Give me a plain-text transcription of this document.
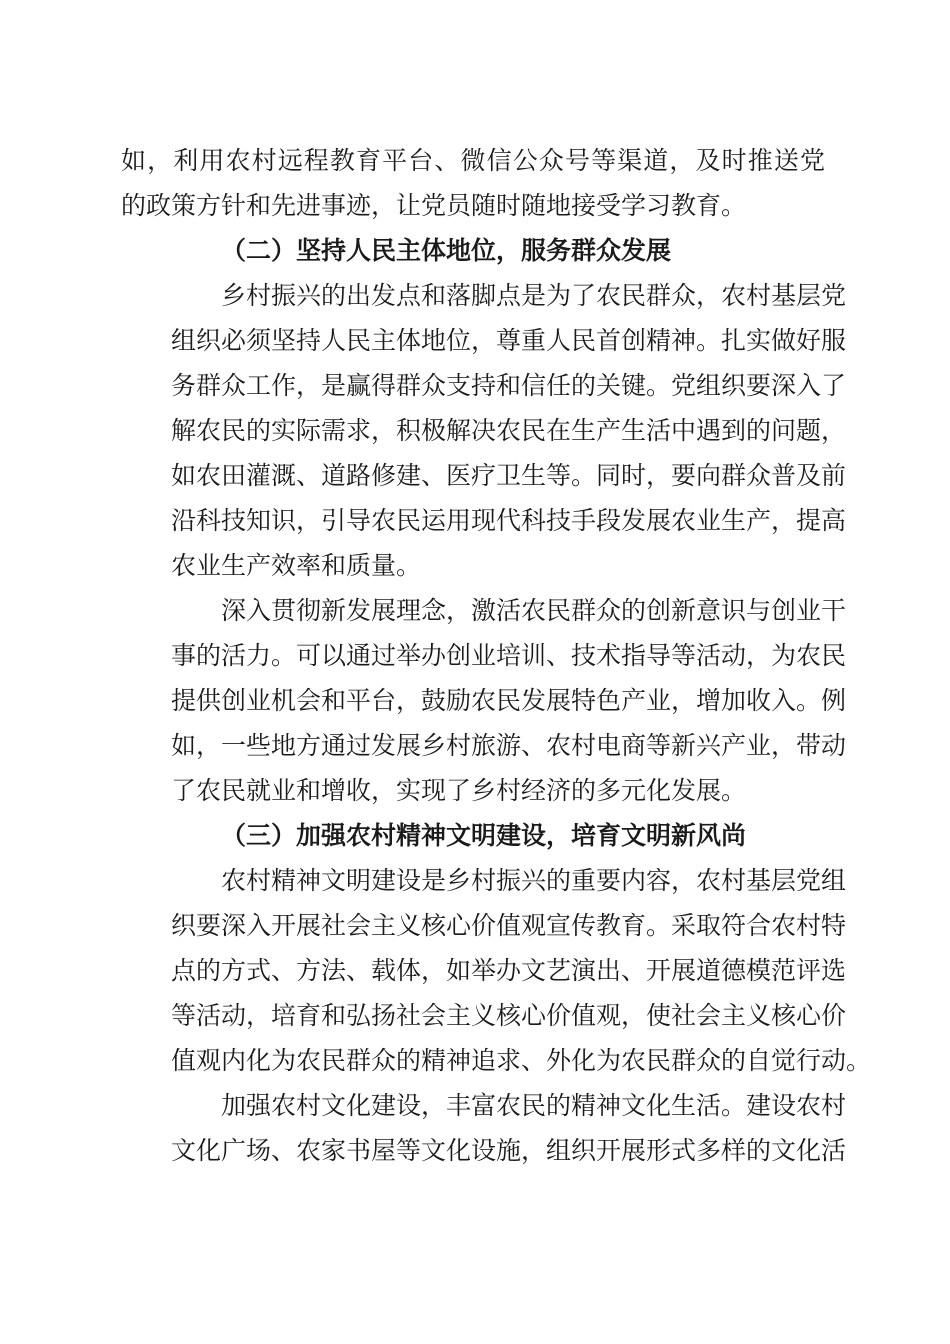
如，利用农村远程教育平台、微信公众号等渠道，及时推送党
的政策方针和先进事迹，让党员随时随地接受学习教育。
（二）坚持人民主体地位，服务群众发展
乡村振兴的出发点和落脚点是为了农民群众，农村基层党
组织必须坚持人民主体地位，尊重人民首创精神。扎实做好服
务群众工作，是赢得群众支持和信任的关键。党组织要深入了
解农民的实际需求，积极解决农民在生产生活中遇到的问题，
如农田灌溉、道路修建、医疗卫生等。同时，要向群众普及前
沿科技知识，引导农民运用现代科技手段发展农业生产，提高
农业生产效率和质量。
深入贯彻新发展理念，激活农民群众的创新意识与创业干
事的活力。可以通过举办创业培训、技术指导等活动，为农民
提供创业机会和平台，鼓励农民发展特色产业，增加收入。例
如，一些地方通过发展乡村旅游、农村电商等新兴产业，带动
了农民就业和增收，实现了乡村经济的多元化发展。
（三）加强农村精神文明建设，培育文明新风尚
农村精神文明建设是乡村振兴的重要内容，农村基层党组
织要深入开展社会主义核心价值观宣传教育。采取符合农村特
点的方式、方法、载体，如举办文艺演出、开展道德模范评选
等活动，培育和弘扬社会主义核心价值观，使社会主义核心价
值观内化为农民群众的精神追求、外化为农民群众的自觉行动。
加强农村文化建设，丰富农民的精神文化生活。建设农村
文化广场、农家书屋等文化设施，组织开展形式多样的文化活
